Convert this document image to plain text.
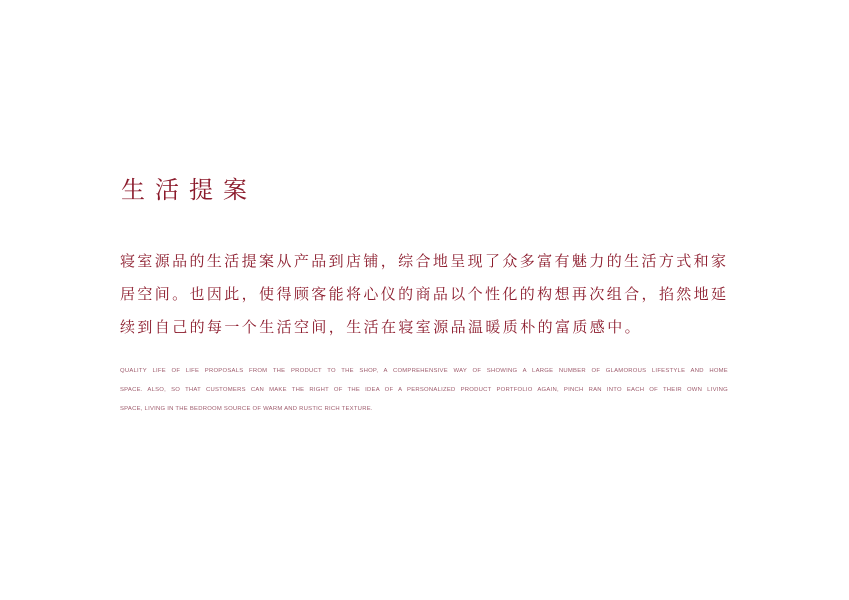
生活提案
寝室源品的生活提案从产品到店铺，综合地呈现了众多富有魅力的生活方式和家
居空间。也因此，使得顾客能将心仪的商品以个性化的构想再次组合，掐然地延
续到自己的每一个生活空间，生活在寝室源品温暖质朴的富质感中。
QUALITY LIFE OF LIFE PROPOSALS FROM THE PRODUCT TO THE SHOP, A COMPREHENSIVE WAY OF SHOWING A LARGE NUMBER OF GLAMOROUS LIFESTYLE AND HOME
SPACE. ALSO, SO THAT CUSTOMERS CAN MAKE THE RIGHT OF THE IDEA OF A PERSONALIZED PRODUCT PORTFOLIO AGAIN, PINCH RAN INTO EACH OF THEIR OWN LIVING
SPACE, LIVING IN THE BEDROOM SOURCE OF WARM AND RUSTIC RICH TEXTURE.
